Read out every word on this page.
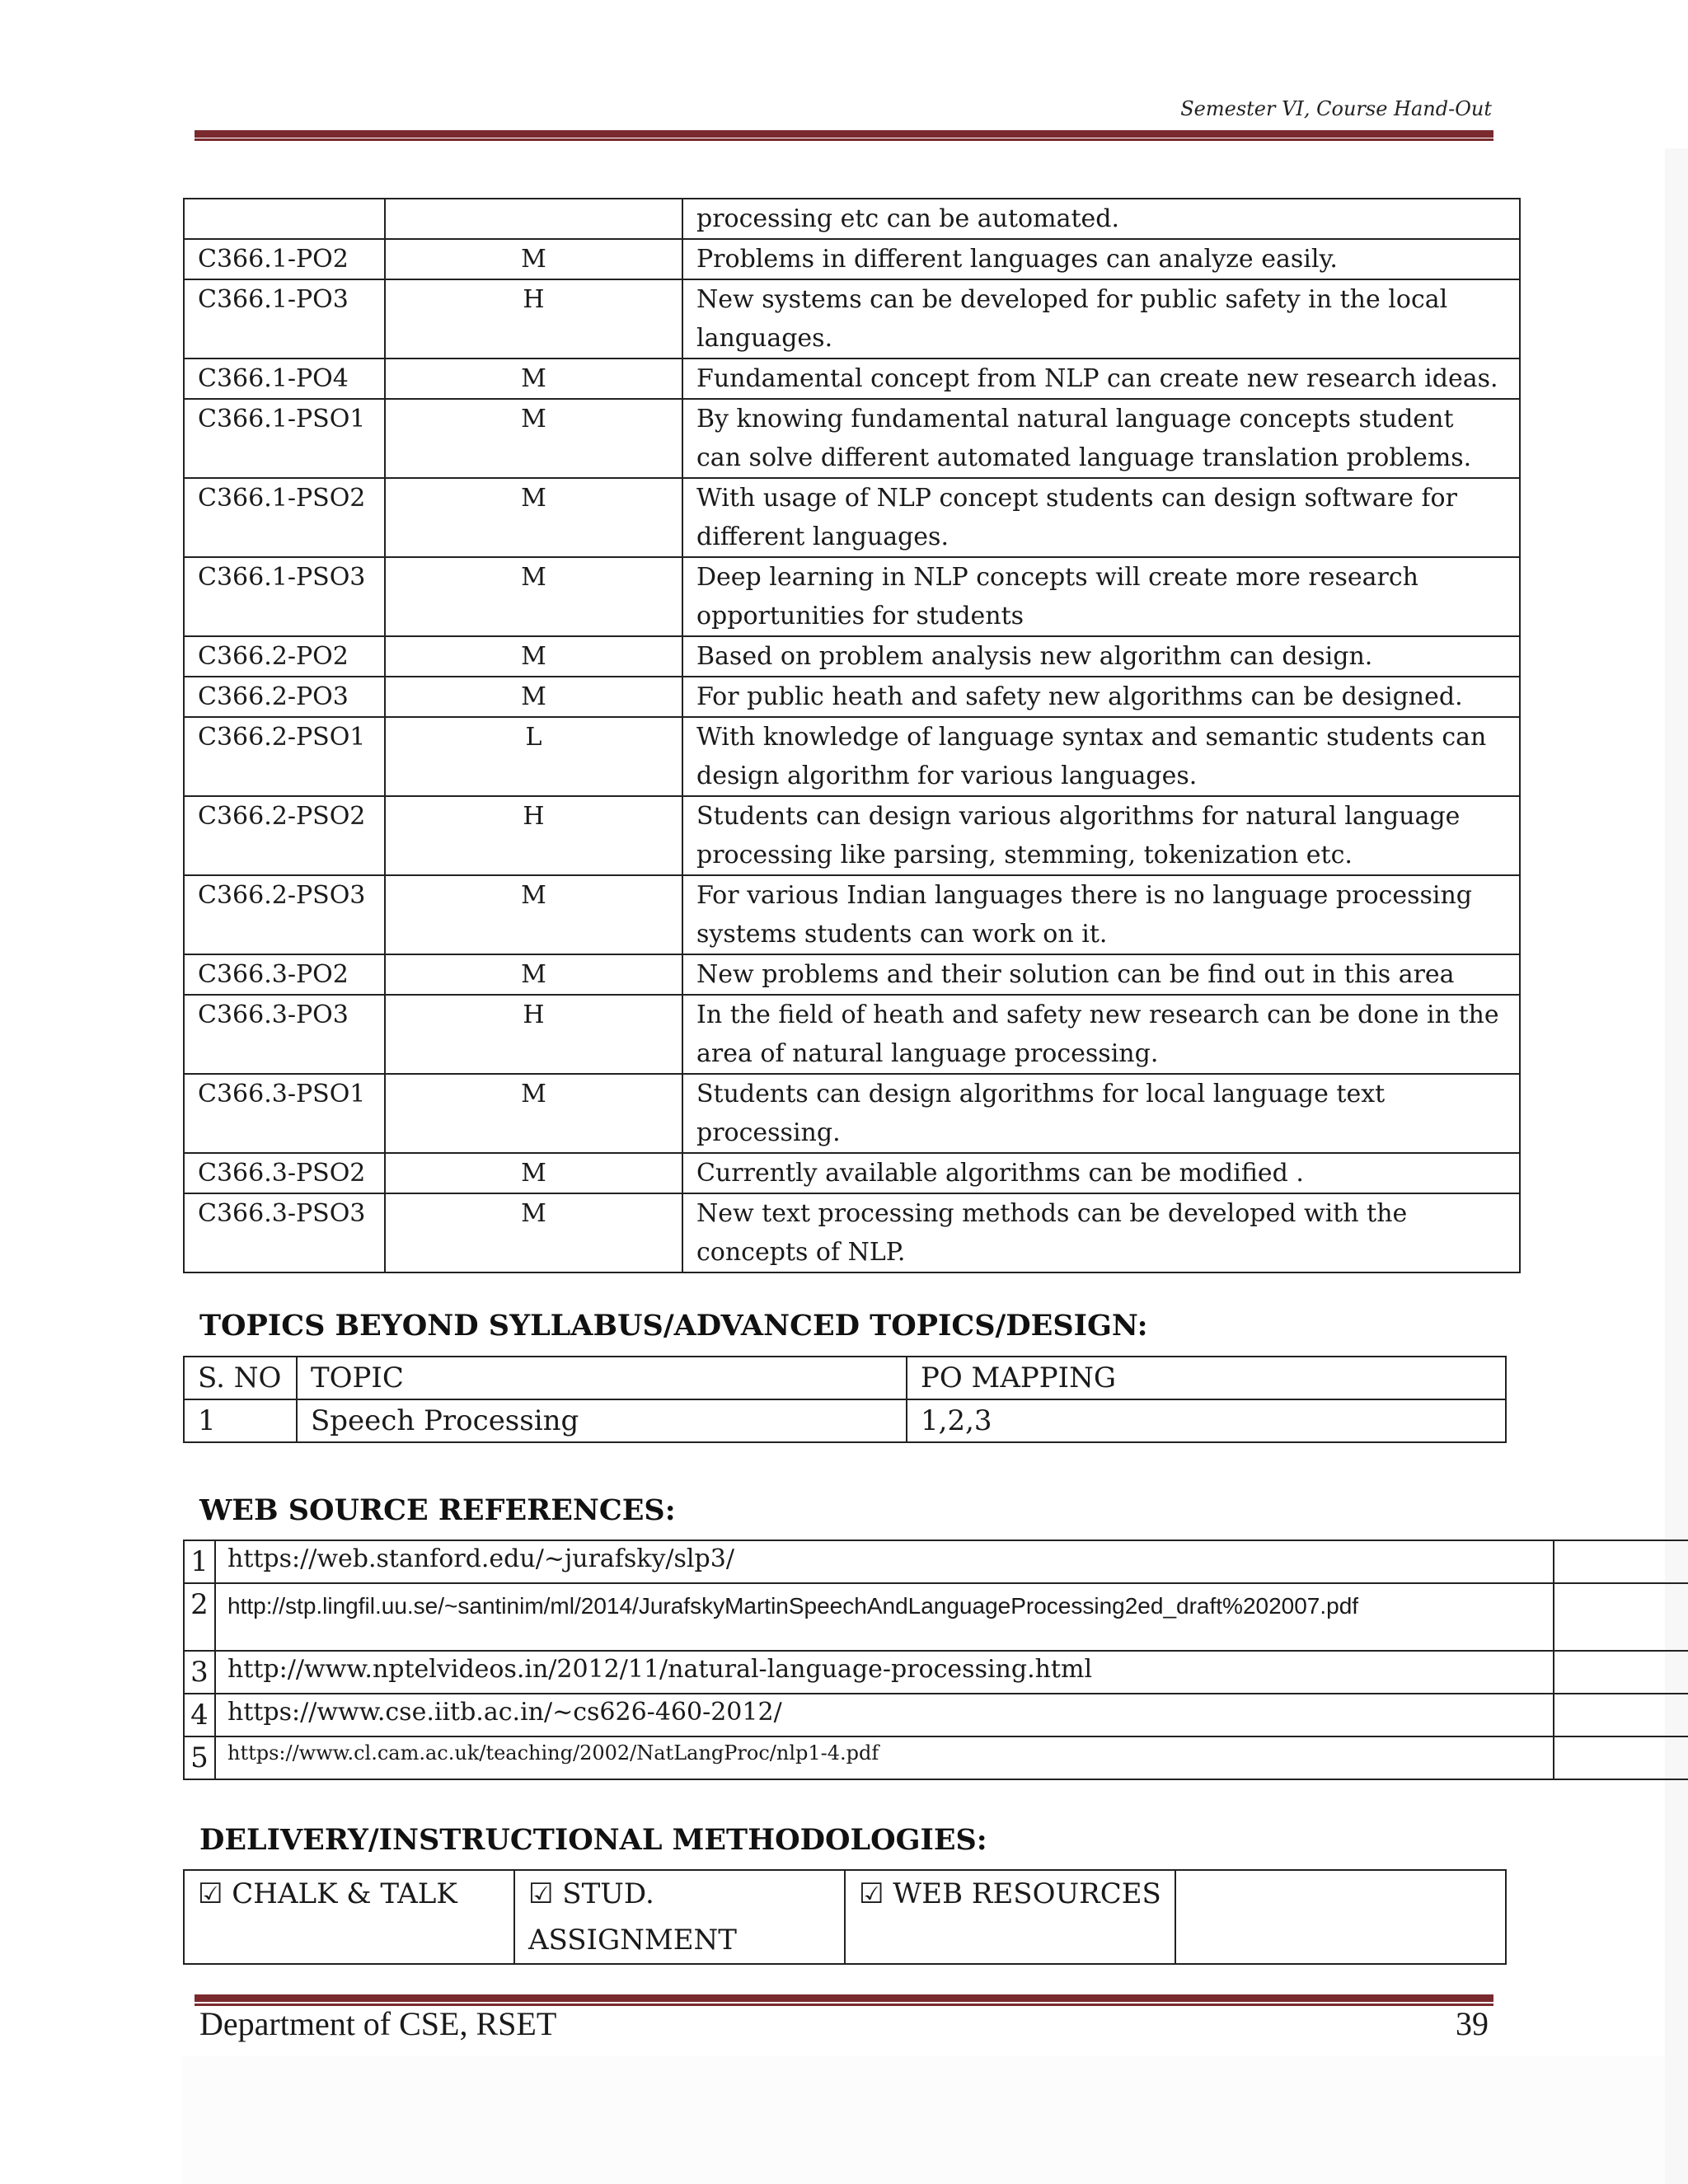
Semester VI, Course Hand-Out
		processing etc can be automated.
C366.1-PO2	M	Problems in different languages can analyze easily.
C366.1-PO3	H	New systems can be developed for public safety in the local languages.
C366.1-PO4	M	Fundamental concept from NLP can create new research ideas.
C366.1-PSO1	M	By knowing fundamental natural language concepts student can solve different automated language translation problems.
C366.1-PSO2	M	With usage of NLP concept students can design software for different languages.
C366.1-PSO3	M	Deep learning in NLP concepts will create more research opportunities for students
C366.2-PO2	M	Based on problem analysis new algorithm can design.
C366.2-PO3	M	For public heath and safety new algorithms can be designed.
C366.2-PSO1	L	With knowledge of language syntax and semantic students can design algorithm for various languages.
C366.2-PSO2	H	Students can design various algorithms for natural language processing like parsing, stemming, tokenization etc.
C366.2-PSO3	M	For various Indian languages there is no language processing systems students can work on it.
C366.3-PO2	M	New problems and their solution can be find out in this area
C366.3-PO3	H	In the field of heath and safety new research can be done in the area of natural language processing.
C366.3-PSO1	M	Students can design algorithms for local language text processing.
C366.3-PSO2	M	Currently available algorithms can be modified .
C366.3-PSO3	M	New text processing methods can be developed with the concepts of NLP.
TOPICS BEYOND SYLLABUS/ADVANCED TOPICS/DESIGN:
S. NO	TOPIC	PO MAPPING
1	Speech Processing	1,2,3
WEB SOURCE REFERENCES:
1	https://web.stanford.edu/~jurafsky/slp3/	
2	http://stp.lingfil.uu.se/~santinim/ml/2014/JurafskyMartinSpeechAndLanguageProcessing2ed_draft%202007.pdf	
3	http://www.nptelvideos.in/2012/11/natural-language-processing.html	
4	https://www.cse.iitb.ac.in/~cs626-460-2012/	
5	https://www.cl.cam.ac.uk/teaching/2002/NatLangProc/nlp1-4.pdf	
DELIVERY/INSTRUCTIONAL METHODOLOGIES:
☑ CHALK & TALK	☑ STUD. ASSIGNMENT	☑ WEB RESOURCES	
Department of CSE, RSET	39
